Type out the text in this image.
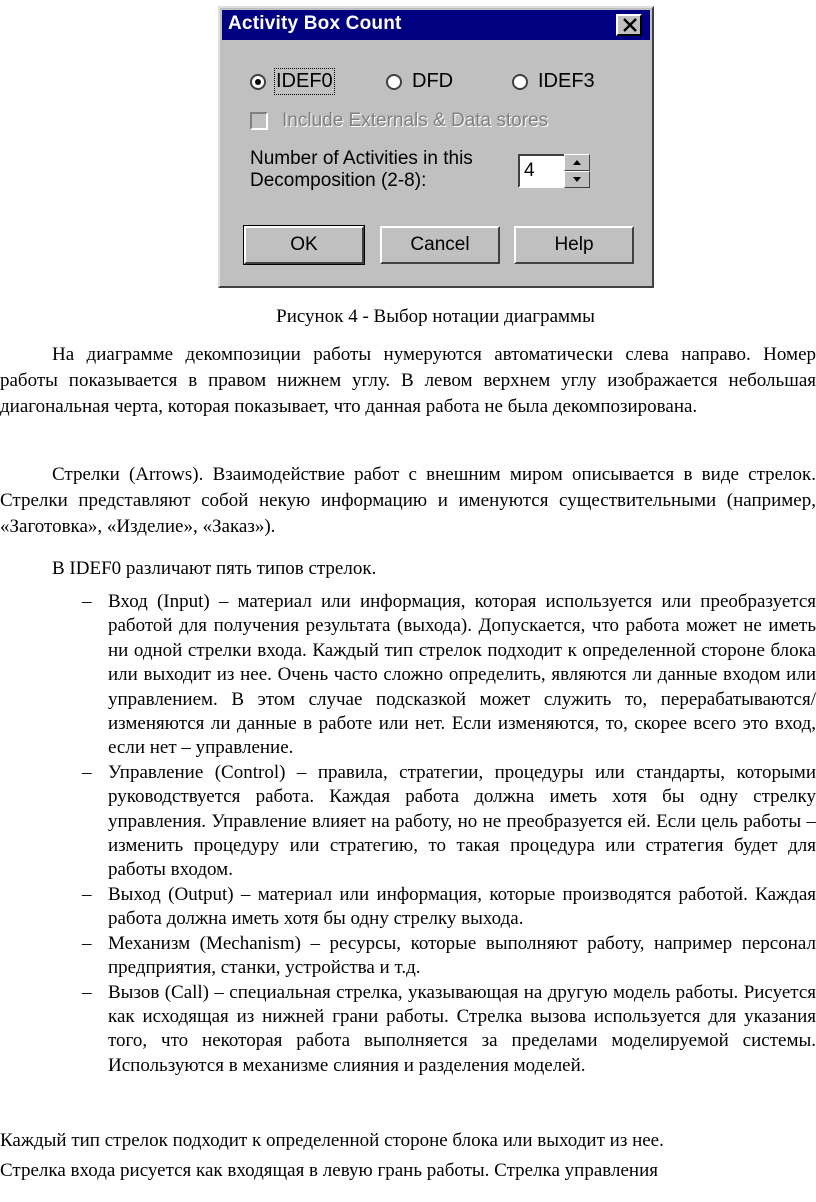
Activity Box Count
IDEF0	DFD	IDEF3
Include Externals & Data stores
Number of Activities in this
Decomposition (2-8):	4
OK	Cancel	Help
Рисунок 4 - Выбор нотации диаграммы

На диаграмме декомпозиции работы нумеруются автоматически слева направо. Номер работы показывается в правом нижнем углу. В левом верхнем углу изображается небольшая диагональная черта, которая показывает, что данная работа не была декомпозирована.

Стрелки (Arrows). Взаимодействие работ с внешним миром описывается в виде стрелок. Стрелки представляют собой некую информацию и именуются существительными (например, «Заготовка», «Изделие», «Заказ»).

В IDEF0 различают пять типов стрелок.

– Вход (Input) – материал или информация, которая используется или преобразуется работой для получения результата (выхода). Допускается, что работа может не иметь ни одной стрелки входа. Каждый тип стрелок подходит к определенной стороне блока или выходит из нее. Очень часто сложно определить, являются ли данные входом или управлением. В этом случае подсказкой может служить то, перерабатываются/изменяются ли данные в работе или нет. Если изменяются, то, скорее всего это вход, если нет – управление.
– Управление (Control) – правила, стратегии, процедуры или стандарты, которыми руководствуется работа. Каждая работа должна иметь хотя бы одну стрелку управления. Управление влияет на работу, но не преобразуется ей. Если цель работы – изменить процедуру или стратегию, то такая процедура или стратегия будет для работы входом.
– Выход (Output) – материал или информация, которые производятся работой. Каждая работа должна иметь хотя бы одну стрелку выхода.
– Механизм (Mechanism) – ресурсы, которые выполняют работу, например персонал предприятия, станки, устройства и т.д.
– Вызов (Call) – специальная стрелка, указывающая на другую модель работы. Рисуется как исходящая из нижней грани работы. Стрелка вызова используется для указания того, что некоторая работа выполняется за пределами моделируемой системы. Используются в механизме слияния и разделения моделей.

Каждый тип стрелок подходит к определенной стороне блока или выходит из нее.

Стрелка входа рисуется как входящая в левую грань работы. Стрелка управления
